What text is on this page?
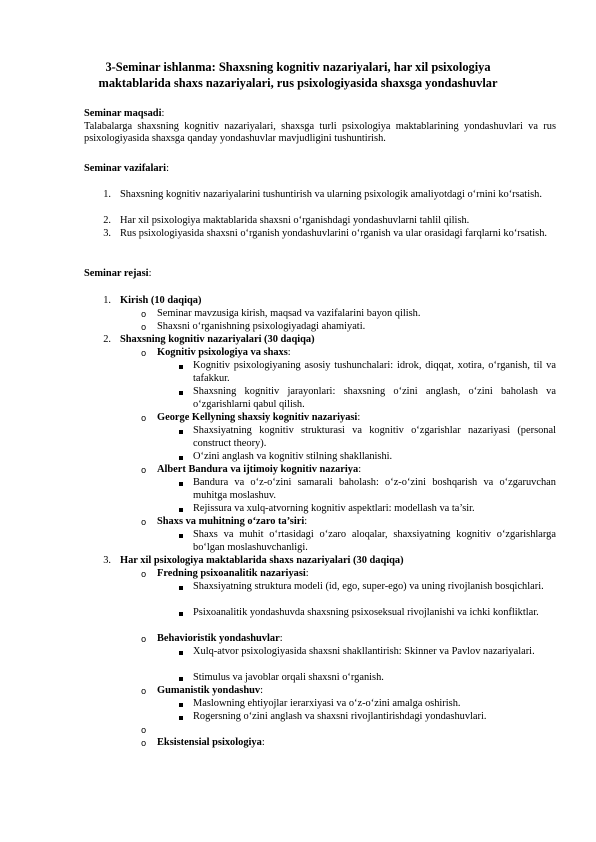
3-Seminar ishlanma: Shaxsning kognitiv nazariyalari, har xil psixologiya maktablarida shaxs nazariyalari, rus psixologiyasida shaxsga yondashuvlar
Seminar maqsadi:
Talabalarga shaxsning kognitiv nazariyalari, shaxsga turli psixologiya maktablarining yondashuvlari va rus psixologiyasida shaxsga qanday yondashuvlar mavjudligini tushuntirish.
Seminar vazifalari:
1. Shaxsning kognitiv nazariyalarini tushuntirish va ularning psixologik amaliyotdagi o‘rnini ko‘rsatish.
2. Har xil psixologiya maktablarida shaxsni o‘rganishdagi yondashuvlarni tahlil qilish.
3. Rus psixologiyasida shaxsni o‘rganish yondashuvlarini o‘rganish va ular orasidagi farqlarni ko‘rsatish.
Seminar rejasi:
1. Kirish (10 daqiqa)
o Seminar mavzusiga kirish, maqsad va vazifalarini bayon qilish.
o Shaxsni o‘rganishning psixologiyadagi ahamiyati.
2. Shaxsning kognitiv nazariyalari (30 daqiqa)
o Kognitiv psixologiya va shaxs:
Kognitiv psixologiyaning asosiy tushunchalari: idrok, diqqat, xotira, o‘rganish, til va tafakkur.
Shaxsning kognitiv jarayonlari: shaxsning o‘zini anglash, o‘zini baholash va o‘zgarishlarni qabul qilish.
o George Kellyning shaxsiy kognitiv nazariyasi:
Shaxsiyatning kognitiv strukturasi va kognitiv o‘zgarishlar nazariyasi (personal construct theory).
O‘zini anglash va kognitiv stilning shakllanishi.
o Albert Bandura va ijtimoiy kognitiv nazariya:
Bandura va o‘z-o‘zini samarali baholash: o‘z-o‘zini boshqarish va o‘zgaruvchan muhitga moslashuv.
Rejissura va xulq-atvorning kognitiv aspektlari: modellash va ta’sir.
o Shaxs va muhitning o‘zaro ta’siri:
Shaxs va muhit o‘rtasidagi o‘zaro aloqalar, shaxsiyatning kognitiv o‘zgarishlarga bo‘lgan moslashuvchanligi.
3. Har xil psixologiya maktablarida shaxs nazariyalari (30 daqiqa)
o Fredning psixoanalitik nazariyasi:
Shaxsiyatning struktura modeli (id, ego, super-ego) va uning rivojlanish bosqichlari.
Psixoanalitik yondashuvda shaxsning psixoseksual rivojlanishi va ichki konfliktlar.
o Behavioristik yondashuvlar:
Xulq-atvor psixologiyasida shaxsni shakllantirish: Skinner va Pavlov nazariyalari.
Stimulus va javoblar orqali shaxsni o‘rganish.
o Gumanistik yondashuv:
Maslowning ehtiyojlar ierarxiyasi va o‘z-o‘zini amalga oshirish.
Rogersning o‘zini anglash va shaxsni rivojlantirishdagi yondashuvlari.
o
o Eksistensial psixologiya:
